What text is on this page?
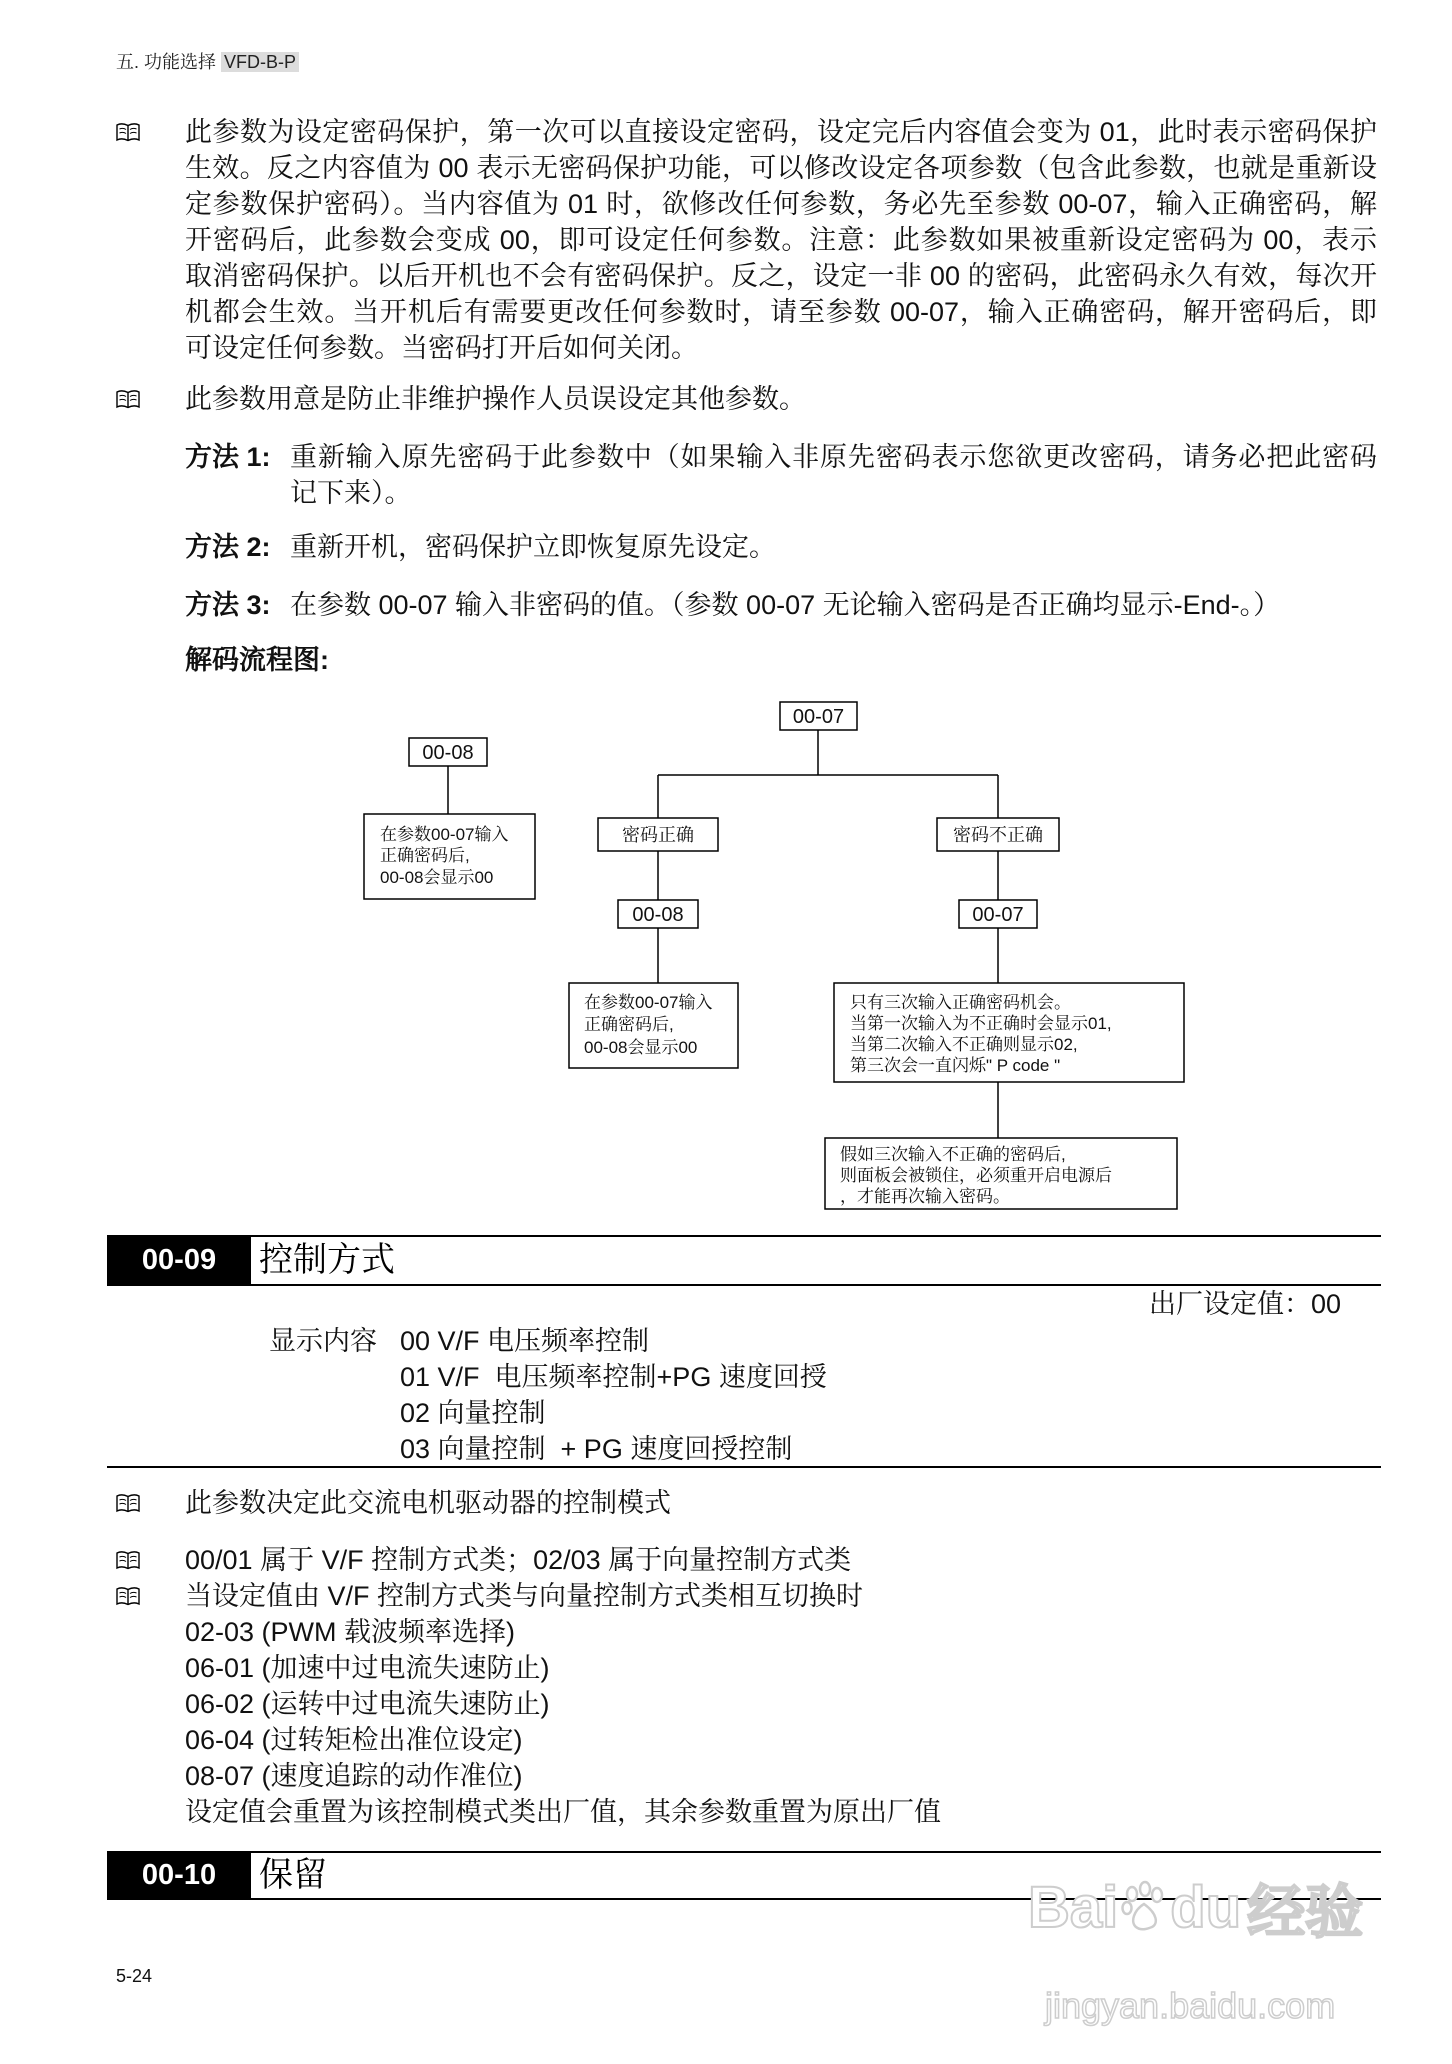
五. 功能选择 VFD-B-P
此参数为设定密码保护，第一次可以直接设定密码，设定完后内容值会变为 01，此时表示密码保护
生效。反之内容值为 00 表示无密码保护功能，可以修改设定各项参数（包含此参数，也就是重新设
定参数保护密码）。当内容值为 01 时，欲修改任何参数，务必先至参数 00-07，输入正确密码，解
开密码后，此参数会变成 00，即可设定任何参数。注意：此参数如果被重新设定密码为 00，表示
取消密码保护。以后开机也不会有密码保护。反之，设定一非 00 的密码，此密码永久有效，每次开
机都会生效。当开机后有需要更改任何参数时，请至参数 00-07，输入正确密码，解开密码后，即
可设定任何参数。当密码打开后如何关闭。
此参数用意是防止非维护操作人员误设定其他参数。
方法 1: 重新输入原先密码于此参数中（如果输入非原先密码表示您欲更改密码，请务必把此密码
记下来）。
方法 2: 重新开机，密码保护立即恢复原先设定。
方法 3: 在参数 00-07 输入非密码的值。（参数 00-07 无论输入密码是否正确均显示-End-。）
解码流程图:
00-07
密码正确	密码不正确
00-08	00-07
在参数00-07输入
正确密码后,
00-08会显示00
只有三次输入正确密码机会。
当第一次输入为不正确时会显示01,
当第二次输入不正确则显示02,
第三次会一直闪烁" P code "
假如三次输入不正确的密码后,
则面板会被锁住，必须重开启电源后
，才能再次输入密码。
00-08
在参数00-07输入
正确密码后,
00-08会显示00
00-09	控制方式
出厂设定值：00
显示内容 00 V/F 电压频率控制
01 V/F  电压频率控制+PG 速度回授
02 向量控制
03 向量控制  + PG 速度回授控制
此参数决定此交流电机驱动器的控制模式
00/01 属于 V/F 控制方式类；02/03 属于向量控制方式类
当设定值由 V/F 控制方式类与向量控制方式类相互切换时
02-03 (PWM 载波频率选择)
06-01 (加速中过电流失速防止)
06-02 (运转中过电流失速防止)
06-04 (过转矩检出准位设定)
08-07 (速度追踪的动作准位)
设定值会重置为该控制模式类出厂值，其余参数重置为原出厂值
00-10	保留	Bai du 经验
jingyan.baidu.com
5-24
